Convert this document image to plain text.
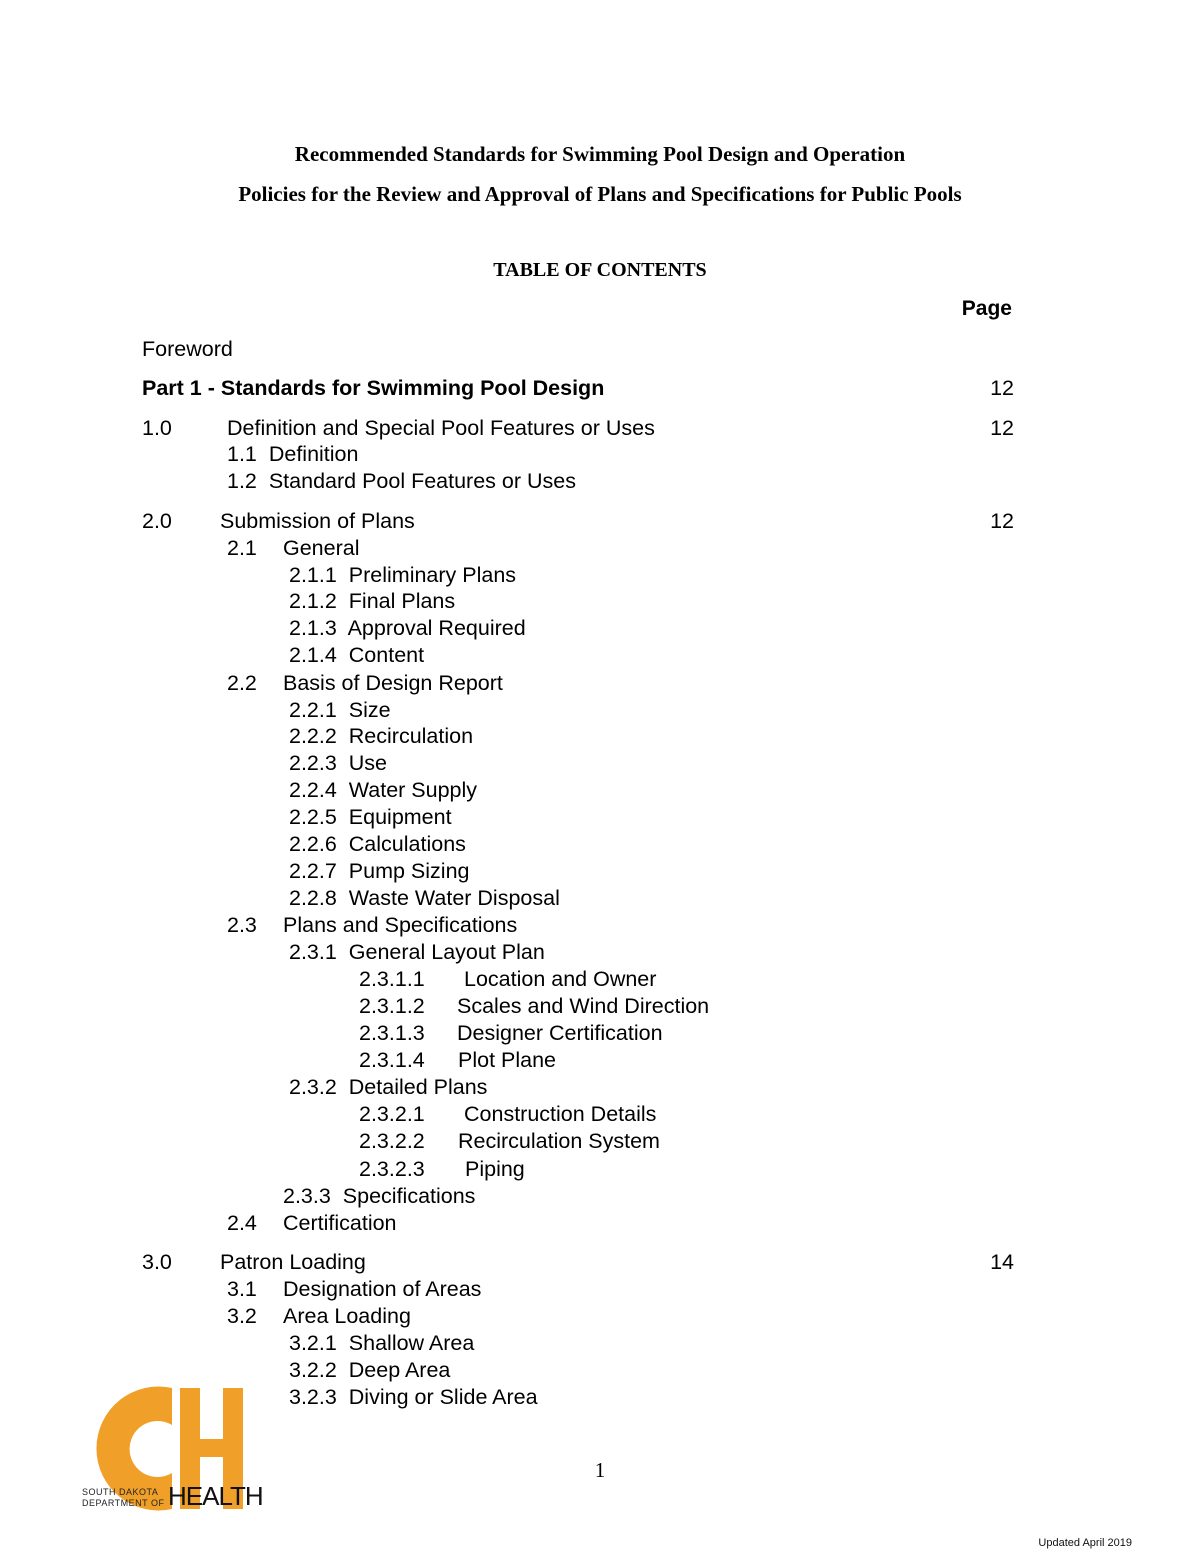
Recommended Standards for Swimming Pool Design and Operation
Policies for the Review and Approval of Plans and Specifications for Public Pools
TABLE OF CONTENTS
Page
Foreword
Part 1 - Standards for Swimming Pool Design	12
1.0	Definition and Special Pool Features or Uses	12
1.1 Definition
1.2 Standard Pool Features or Uses
2.0 Submission of Plans	12
2.1 General
2.1.1 Preliminary Plans
2.1.2 Final Plans
2.1.3 Approval Required
2.1.4 Content
2.2 Basis of Design Report
2.2.1 Size
2.2.2 Recirculation
2.2.3 Use
2.2.4 Water Supply
2.2.5 Equipment
2.2.6 Calculations
2.2.7 Pump Sizing
2.2.8 Waste Water Disposal
2.3 Plans and Specifications
2.3.1 General Layout Plan
2.3.1.1 Location and Owner
2.3.1.2 Scales and Wind Direction
2.3.1.3 Designer Certification
2.3.1.4 Plot Plane
2.3.2 Detailed Plans
2.3.2.1 Construction Details
2.3.2.2 Recirculation System
2.3.2.3 Piping
2.3.3 Specifications
2.4 Certification
3.0 Patron Loading	14
3.1 Designation of Areas
3.2 Area Loading
3.2.1 Shallow Area
3.2.2 Deep Area
3.2.3 Diving or Slide Area
SOUTH DAKOTA
DEPARTMENT OF HEALTH
1
Updated April 2019
